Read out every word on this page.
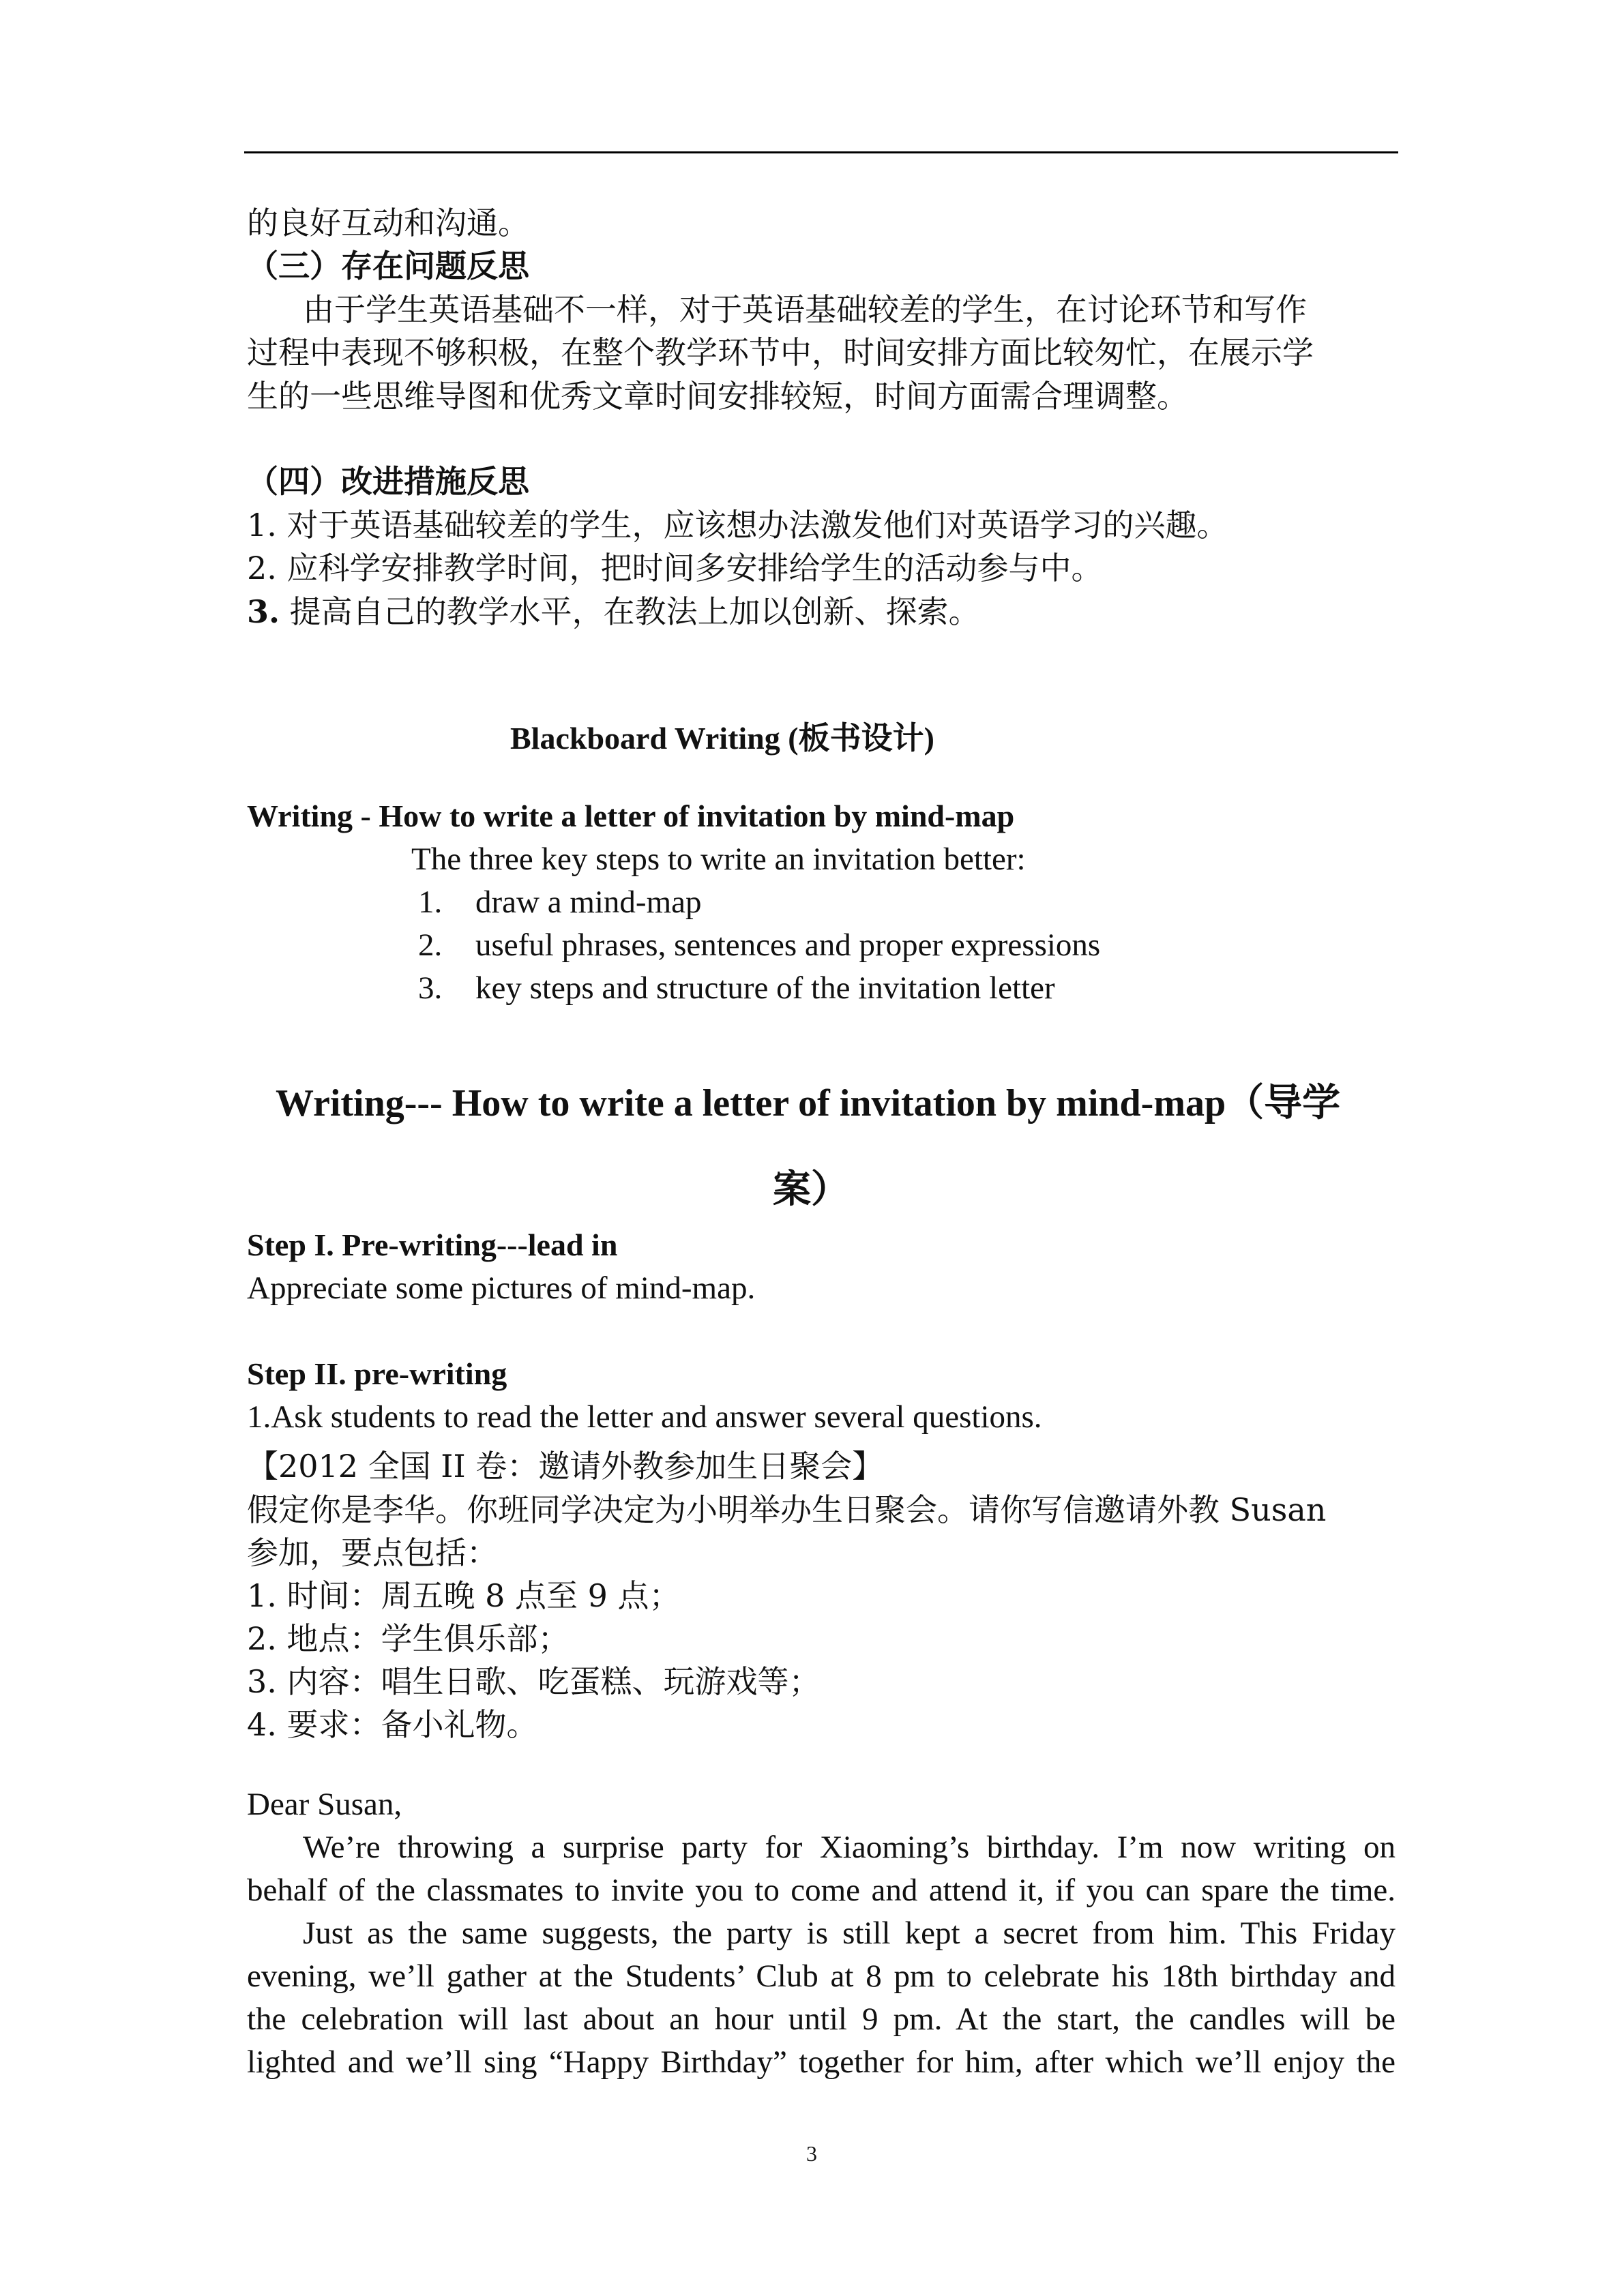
的良好互动和沟通。
（三）存在问题反思
由于学生英语基础不一样，对于英语基础较差的学生，在讨论环节和写作
过程中表现不够积极，在整个教学环节中，时间安排方面比较匆忙，在展示学
生的一些思维导图和优秀文章时间安排较短，时间方面需合理调整。
（四）改进措施反思
1. 对于英语基础较差的学生，应该想办法激发他们对英语学习的兴趣。
2. 应科学安排教学时间，把时间多安排给学生的活动参与中。
3. 提高自己的教学水平，在教法上加以创新、探索。
Blackboard Writing (板书设计)
Writing - How to write a letter of invitation by mind-map
The three key steps to write an invitation better:
1. draw a mind-map
2. useful phrases, sentences and proper expressions
3. key steps and structure of the invitation letter
Writing--- How to write a letter of invitation by mind-map（导学
案）
Step I. Pre-writing---lead in
Appreciate some pictures of mind-map.
Step II. pre-writing
1.Ask students to read the letter and answer several questions.
【2012 全国 II 卷：邀请外教参加生日聚会】
假定你是李华。你班同学决定为小明举办生日聚会。请你写信邀请外教 Susan
参加，要点包括：
1. 时间：周五晚 8 点至 9 点；
2. 地点：学生俱乐部；
3. 内容：唱生日歌、吃蛋糕、玩游戏等；
4. 要求：备小礼物。
Dear Susan,
We’re throwing a surprise party for Xiaoming’s birthday. I’m now writing on
behalf of the classmates to invite you to come and attend it, if you can spare the time.
Just as the same suggests, the party is still kept a secret from him. This Friday
evening, we’ll gather at the Students’ Club at 8 pm to celebrate his 18th birthday and
the celebration will last about an hour until 9 pm. At the start, the candles will be
lighted and we’ll sing “Happy Birthday” together for him, after which we’ll enjoy the
3
